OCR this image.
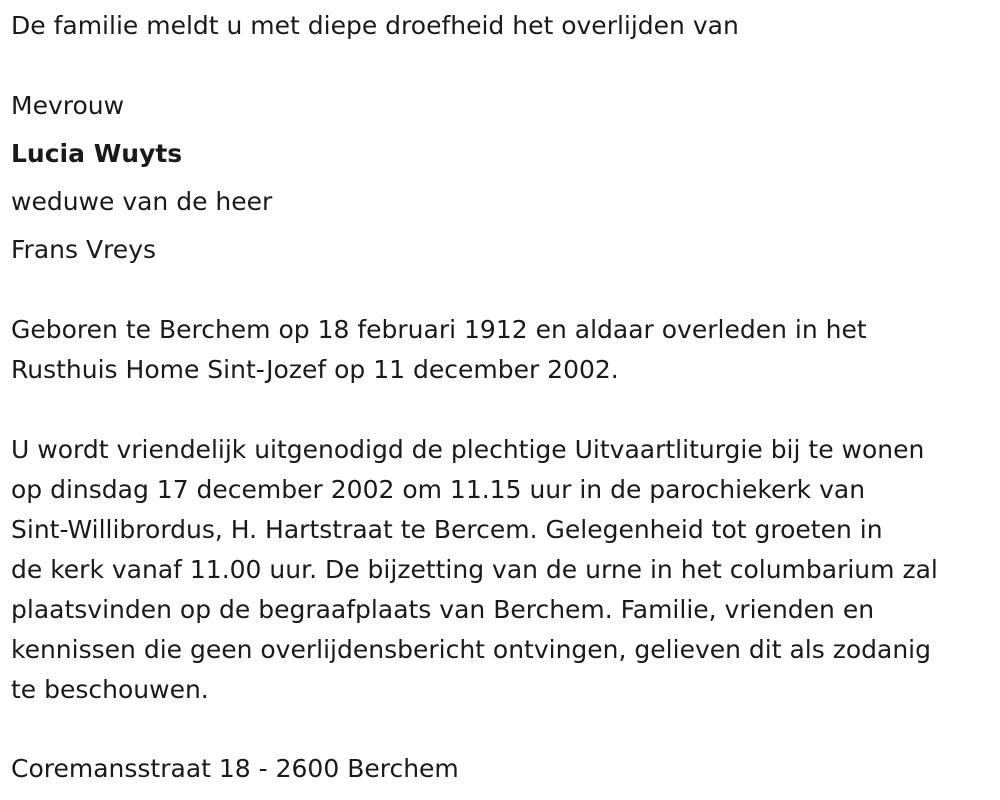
De familie meldt u met diepe droefheid het overlijden van
Mevrouw
Lucia Wuyts
weduwe van de heer
Frans Vreys
Geboren te Berchem op 18 februari 1912 en aldaar overleden in het
Rusthuis Home Sint-Jozef op 11 december 2002.
U wordt vriendelijk uitgenodigd de plechtige Uitvaartliturgie bij te wonen
op dinsdag 17 december 2002 om 11.15 uur in de parochiekerk van
Sint-Willibrordus, H. Hartstraat te Bercem. Gelegenheid tot groeten in
de kerk vanaf 11.00 uur. De bijzetting van de urne in het columbarium zal
plaatsvinden op de begraafplaats van Berchem. Familie, vrienden en
kennissen die geen overlijdensbericht ontvingen, gelieven dit als zodanig
te beschouwen.
Coremansstraat 18 - 2600 Berchem
